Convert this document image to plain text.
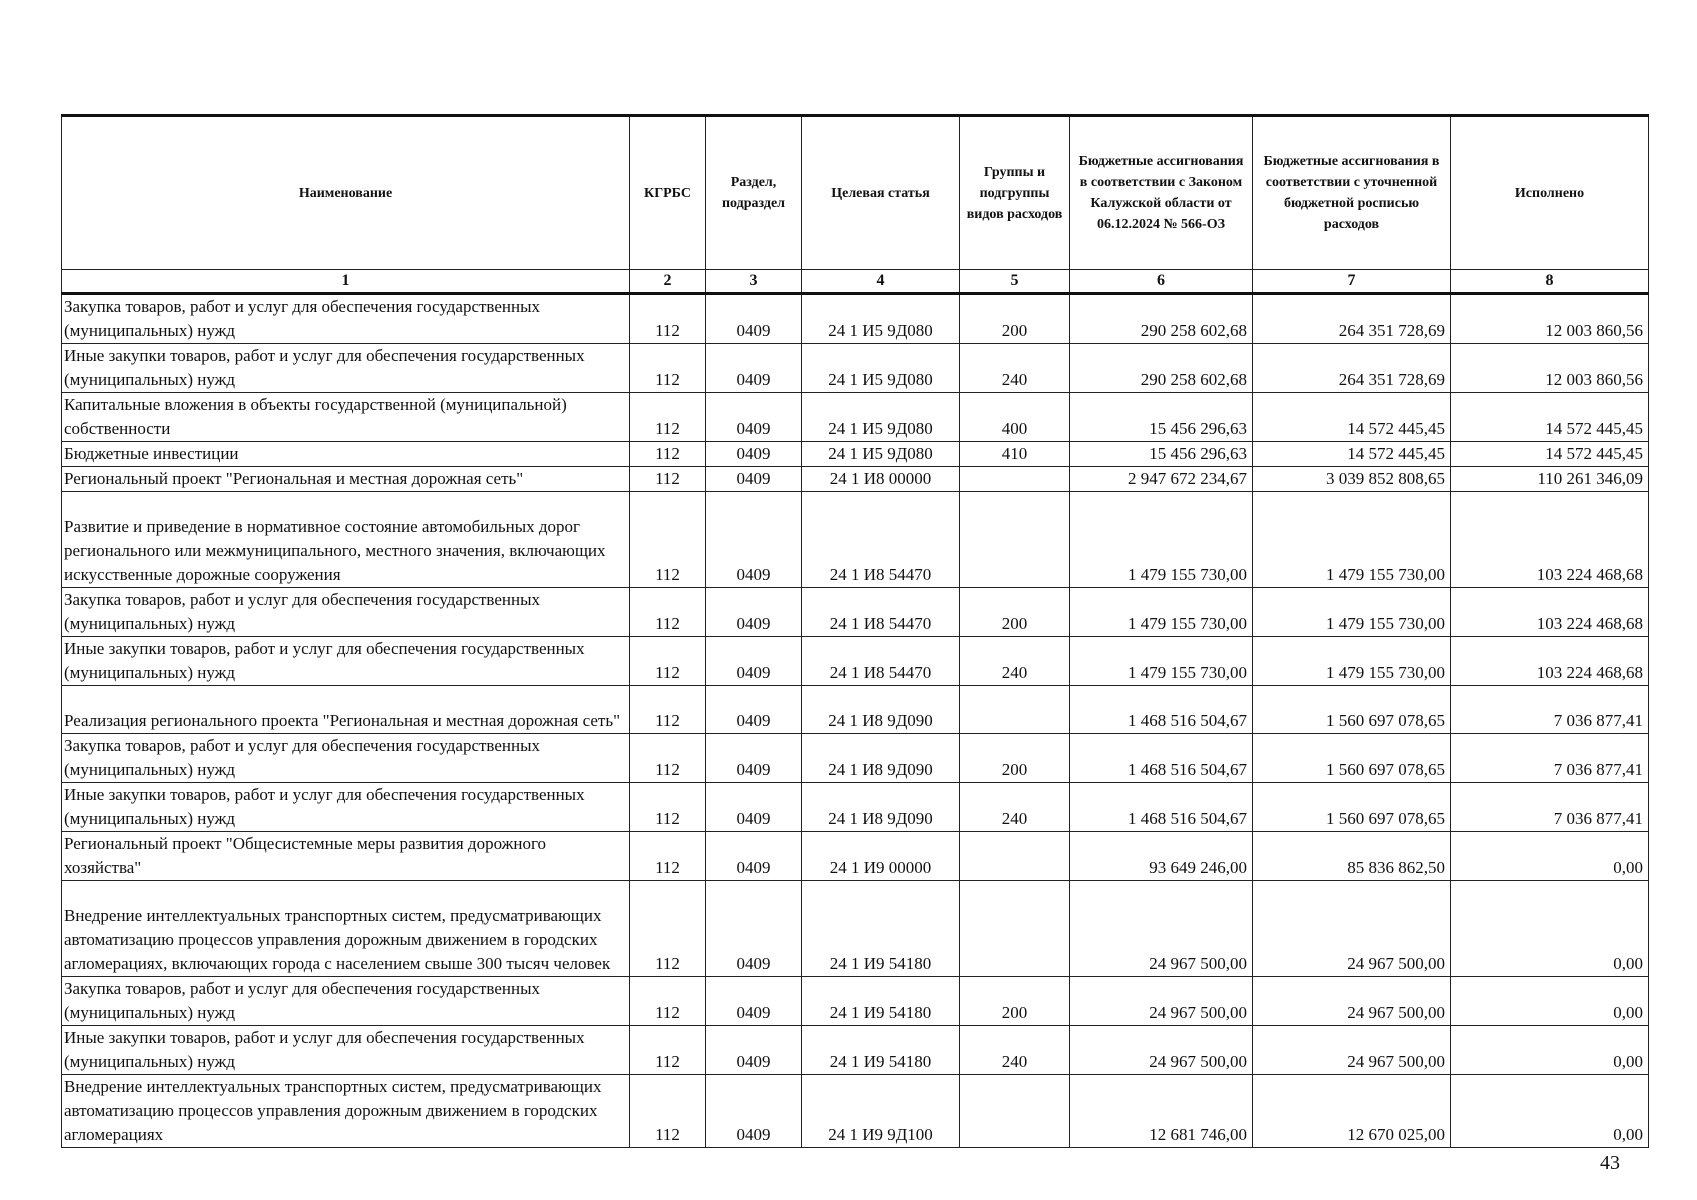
Наименование	КГРБС	Раздел, подраздел	Целевая статья	Группы и подгруппы видов расходов	Бюджетные ассигнования в соответствии с Законом Калужской области от 06.12.2024 № 566-ОЗ	Бюджетные ассигнования в соответствии с уточненной бюджетной росписью расходов	Исполнено
1	2	3	4	5	6	7	8
Закупка товаров, работ и услуг для обеспечения государственных (муниципальных) нужд	112	0409	24 1 И5 9Д080	200	290 258 602,68	264 351 728,69	12 003 860,56
Иные закупки товаров, работ и услуг для обеспечения государственных (муниципальных) нужд	112	0409	24 1 И5 9Д080	240	290 258 602,68	264 351 728,69	12 003 860,56
Капитальные вложения в объекты государственной (муниципальной) собственности	112	0409	24 1 И5 9Д080	400	15 456 296,63	14 572 445,45	14 572 445,45
Бюджетные инвестиции	112	0409	24 1 И5 9Д080	410	15 456 296,63	14 572 445,45	14 572 445,45
Региональный проект "Региональная и местная дорожная сеть"	112	0409	24 1 И8 00000		2 947 672 234,67	3 039 852 808,65	110 261 346,09
Развитие и приведение в нормативное состояние автомобильных дорог регионального или межмуниципального, местного значения, включающих искусственные дорожные сооружения	112	0409	24 1 И8 54470		1 479 155 730,00	1 479 155 730,00	103 224 468,68
Закупка товаров, работ и услуг для обеспечения государственных (муниципальных) нужд	112	0409	24 1 И8 54470	200	1 479 155 730,00	1 479 155 730,00	103 224 468,68
Иные закупки товаров, работ и услуг для обеспечения государственных (муниципальных) нужд	112	0409	24 1 И8 54470	240	1 479 155 730,00	1 479 155 730,00	103 224 468,68
Реализация регионального проекта "Региональная и местная дорожная сеть"	112	0409	24 1 И8 9Д090		1 468 516 504,67	1 560 697 078,65	7 036 877,41
Закупка товаров, работ и услуг для обеспечения государственных (муниципальных) нужд	112	0409	24 1 И8 9Д090	200	1 468 516 504,67	1 560 697 078,65	7 036 877,41
Иные закупки товаров, работ и услуг для обеспечения государственных (муниципальных) нужд	112	0409	24 1 И8 9Д090	240	1 468 516 504,67	1 560 697 078,65	7 036 877,41
Региональный проект "Общесистемные меры развития дорожного хозяйства"	112	0409	24 1 И9 00000		93 649 246,00	85 836 862,50	0,00
Внедрение интеллектуальных транспортных систем, предусматривающих автоматизацию процессов управления дорожным движением в городских агломерациях, включающих города с населением свыше 300 тысяч человек	112	0409	24 1 И9 54180		24 967 500,00	24 967 500,00	0,00
Закупка товаров, работ и услуг для обеспечения государственных (муниципальных) нужд	112	0409	24 1 И9 54180	200	24 967 500,00	24 967 500,00	0,00
Иные закупки товаров, работ и услуг для обеспечения государственных (муниципальных) нужд	112	0409	24 1 И9 54180	240	24 967 500,00	24 967 500,00	0,00
Внедрение интеллектуальных транспортных систем, предусматривающих автоматизацию процессов управления дорожным движением в городских агломерациях	112	0409	24 1 И9 9Д100		12 681 746,00	12 670 025,00	0,00
43
